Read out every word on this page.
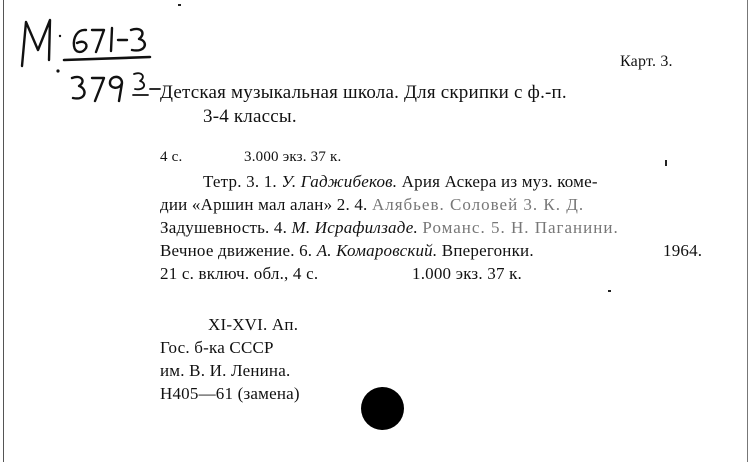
Карт. 3.
Детская музыкальная школа. Для скрипки с ф.-п.
3-4 классы.
4 с.	3.000 экз. 37 к.
Тетр. 3. 1. У. Гаджибеков. Ария Аскера из муз. коме-
дии «Аршин мал алан» 2. 4. Алябьев. Соловей 3. К. Д.
Задушевность. 4. М. Исрафилзаде. Романс. 5. Н. Паганини.
Вечное движение. 6. А. Комаровский. Вперегонки.	1964.
21 с. включ. обл., 4 с.	1.000 экз. 37 к.
XI-XVI. Ап.
Гос. б-ка СССР
им. В. И. Ленина.
Н405—61 (замена)
